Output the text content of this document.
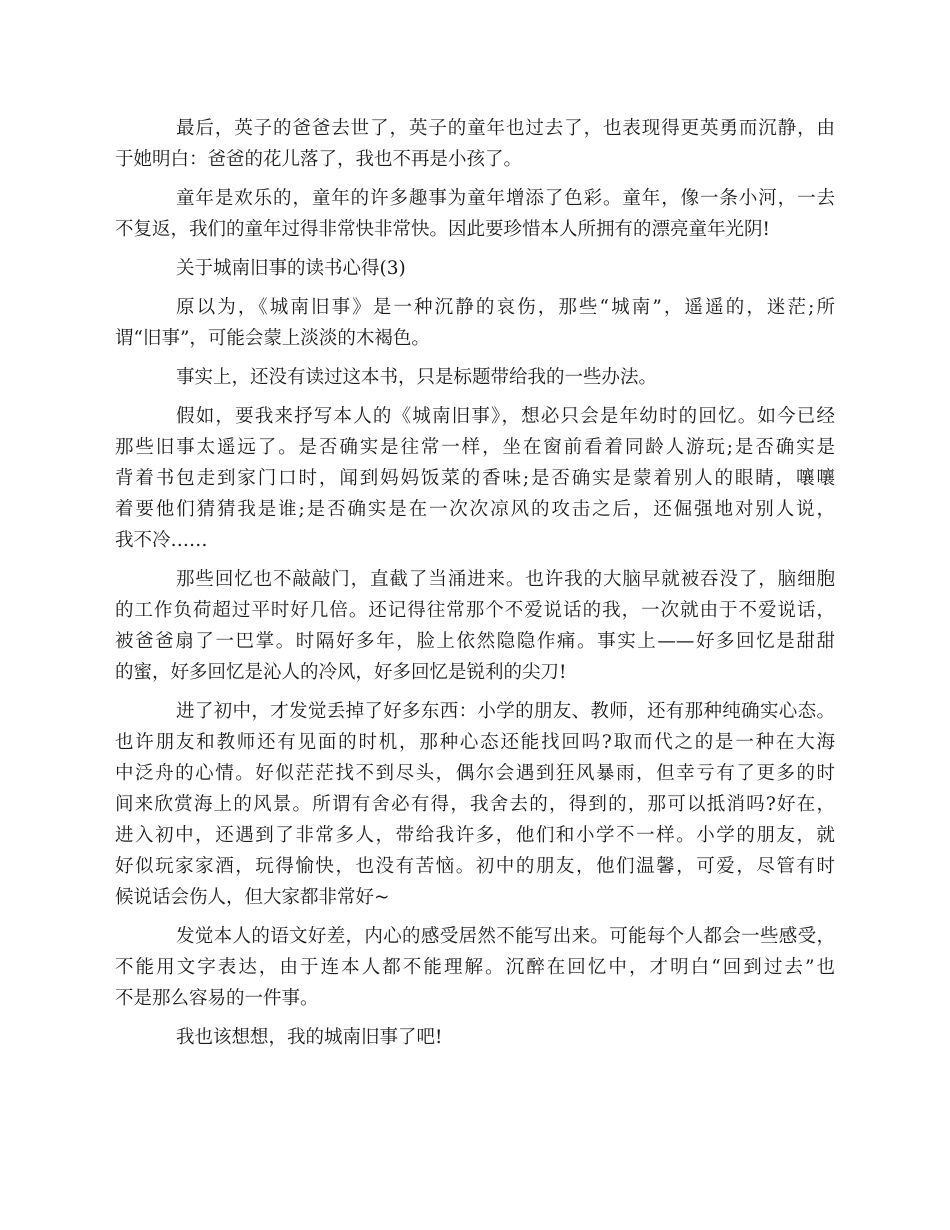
最后，英子的爸爸去世了，英子的童年也过去了，也表现得更英勇而沉静，由
于她明白：爸爸的花儿落了，我也不再是小孩了。
童年是欢乐的，童年的许多趣事为童年增添了色彩。童年，像一条小河，一去
不复返，我们的童年过得非常快非常快。因此要珍惜本人所拥有的漂亮童年光阴!
关于城南旧事的读书心得(3)
原以为，《城南旧事》是一种沉静的哀伤，那些“城南”，遥遥的，迷茫;所
谓“旧事”，可能会蒙上淡淡的木褐色。
事实上，还没有读过这本书，只是标题带给我的一些办法。
假如，要我来抒写本人的《城南旧事》，想必只会是年幼时的回忆。如今已经
那些旧事太遥远了。是否确实是往常一样，坐在窗前看着同龄人游玩;是否确实是
背着书包走到家门口时，闻到妈妈饭菜的香味;是否确实是蒙着别人的眼睛，嚷嚷
着要他们猜猜我是谁;是否确实是在一次次凉风的攻击之后，还倔强地对别人说，
我不冷……
那些回忆也不敲敲门，直截了当涌进来。也许我的大脑早就被吞没了，脑细胞
的工作负荷超过平时好几倍。还记得往常那个不爱说话的我，一次就由于不爱说话，
被爸爸扇了一巴掌。时隔好多年，脸上依然隐隐作痛。事实上——好多回忆是甜甜
的蜜，好多回忆是沁人的冷风，好多回忆是锐利的尖刀!
进了初中，才发觉丢掉了好多东西：小学的朋友、教师，还有那种纯确实心态。
也许朋友和教师还有见面的时机，那种心态还能找回吗?取而代之的是一种在大海
中泛舟的心情。好似茫茫找不到尽头，偶尔会遇到狂风暴雨，但幸亏有了更多的时
间来欣赏海上的风景。所谓有舍必有得，我舍去的，得到的，那可以抵消吗?好在，
进入初中，还遇到了非常多人，带给我许多，他们和小学不一样。小学的朋友，就
好似玩家家酒，玩得愉快，也没有苦恼。初中的朋友，他们温馨，可爱，尽管有时
候说话会伤人，但大家都非常好~
发觉本人的语文好差，内心的感受居然不能写出来。可能每个人都会一些感受，
不能用文字表达，由于连本人都不能理解。沉醉在回忆中，才明白“回到过去”也
不是那么容易的一件事。
我也该想想，我的城南旧事了吧!
